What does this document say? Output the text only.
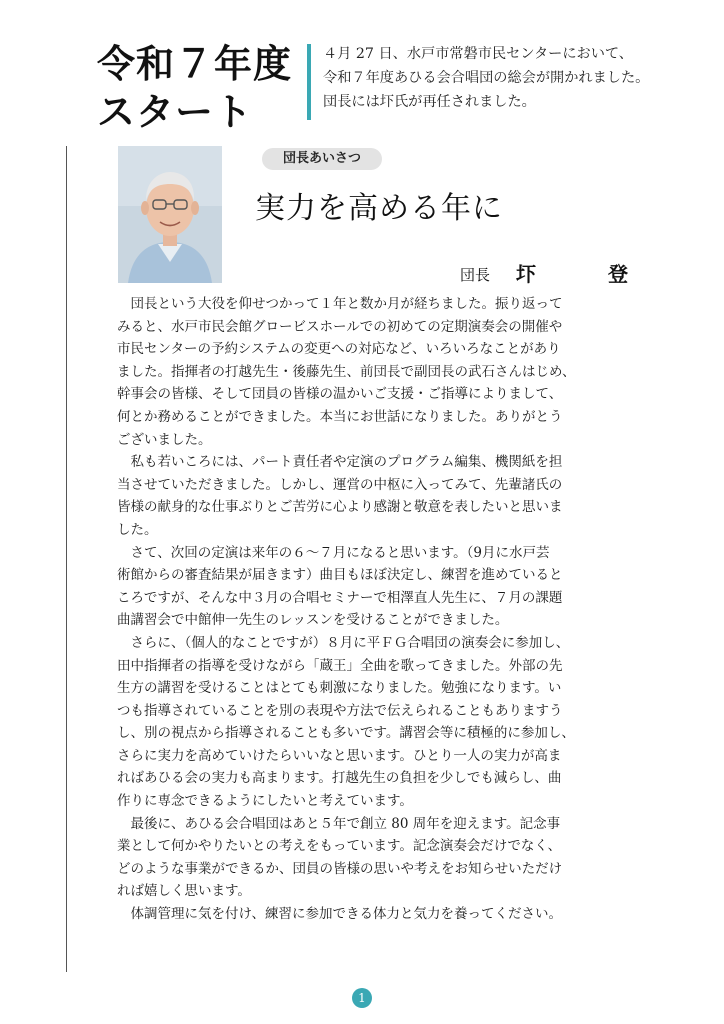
令和７年度
スタート
４月 27 日、水戸市常磐市民センターにおいて、
令和７年度あひる会合唱団の総会が開かれました。
団長には圷氏が再任されました。
団長あいさつ
実力を高める年に
団長 圷	登
　団長という大役を仰せつかって１年と数か月が経ちました。振り返って
みると、水戸市民会館グロービスホールでの初めての定期演奏会の開催や
市民センターの予約システムの変更への対応など、いろいろなことがあり
ました。指揮者の打越先生・後藤先生、前団長で副団長の武石さんはじめ、
幹事会の皆様、そして団員の皆様の温かいご支援・ご指導によりまして、
何とか務めることができました。本当にお世話になりました。ありがとう
ございました。
　私も若いころには、パート責任者や定演のプログラム編集、機関紙を担
当させていただきました。しかし、運営の中枢に入ってみて、先輩諸氏の
皆様の献身的な仕事ぶりとご苦労に心より感謝と敬意を表したいと思いま
した。
　さて、次回の定演は来年の６～７月になると思います。（9月に水戸芸
術館からの審査結果が届きます）曲目もほぼ決定し、練習を進めていると
ころですが、そんな中３月の合唱セミナーで相澤直人先生に、７月の課題
曲講習会で中館伸一先生のレッスンを受けることができました。
　さらに、（個人的なことですが）８月に平ＦＧ合唱団の演奏会に参加し、
田中指揮者の指導を受けながら「蔵王」全曲を歌ってきました。外部の先
生方の講習を受けることはとても刺激になりました。勉強になります。い
つも指導されていることを別の表現や方法で伝えられることもありますう
し、別の視点から指導されることも多いです。講習会等に積極的に参加し、
さらに実力を高めていけたらいいなと思います。ひとり一人の実力が高ま
ればあひる会の実力も高まります。打越先生の負担を少しでも減らし、曲
作りに専念できるようにしたいと考えています。
　最後に、あひる会合唱団はあと５年で創立 80 周年を迎えます。記念事
業として何かやりたいとの考えをもっています。記念演奏会だけでなく、
どのような事業ができるか、団員の皆様の思いや考えをお知らせいただけ
れば嬉しく思います。
　体調管理に気を付け、練習に参加できる体力と気力を養ってください。
1
